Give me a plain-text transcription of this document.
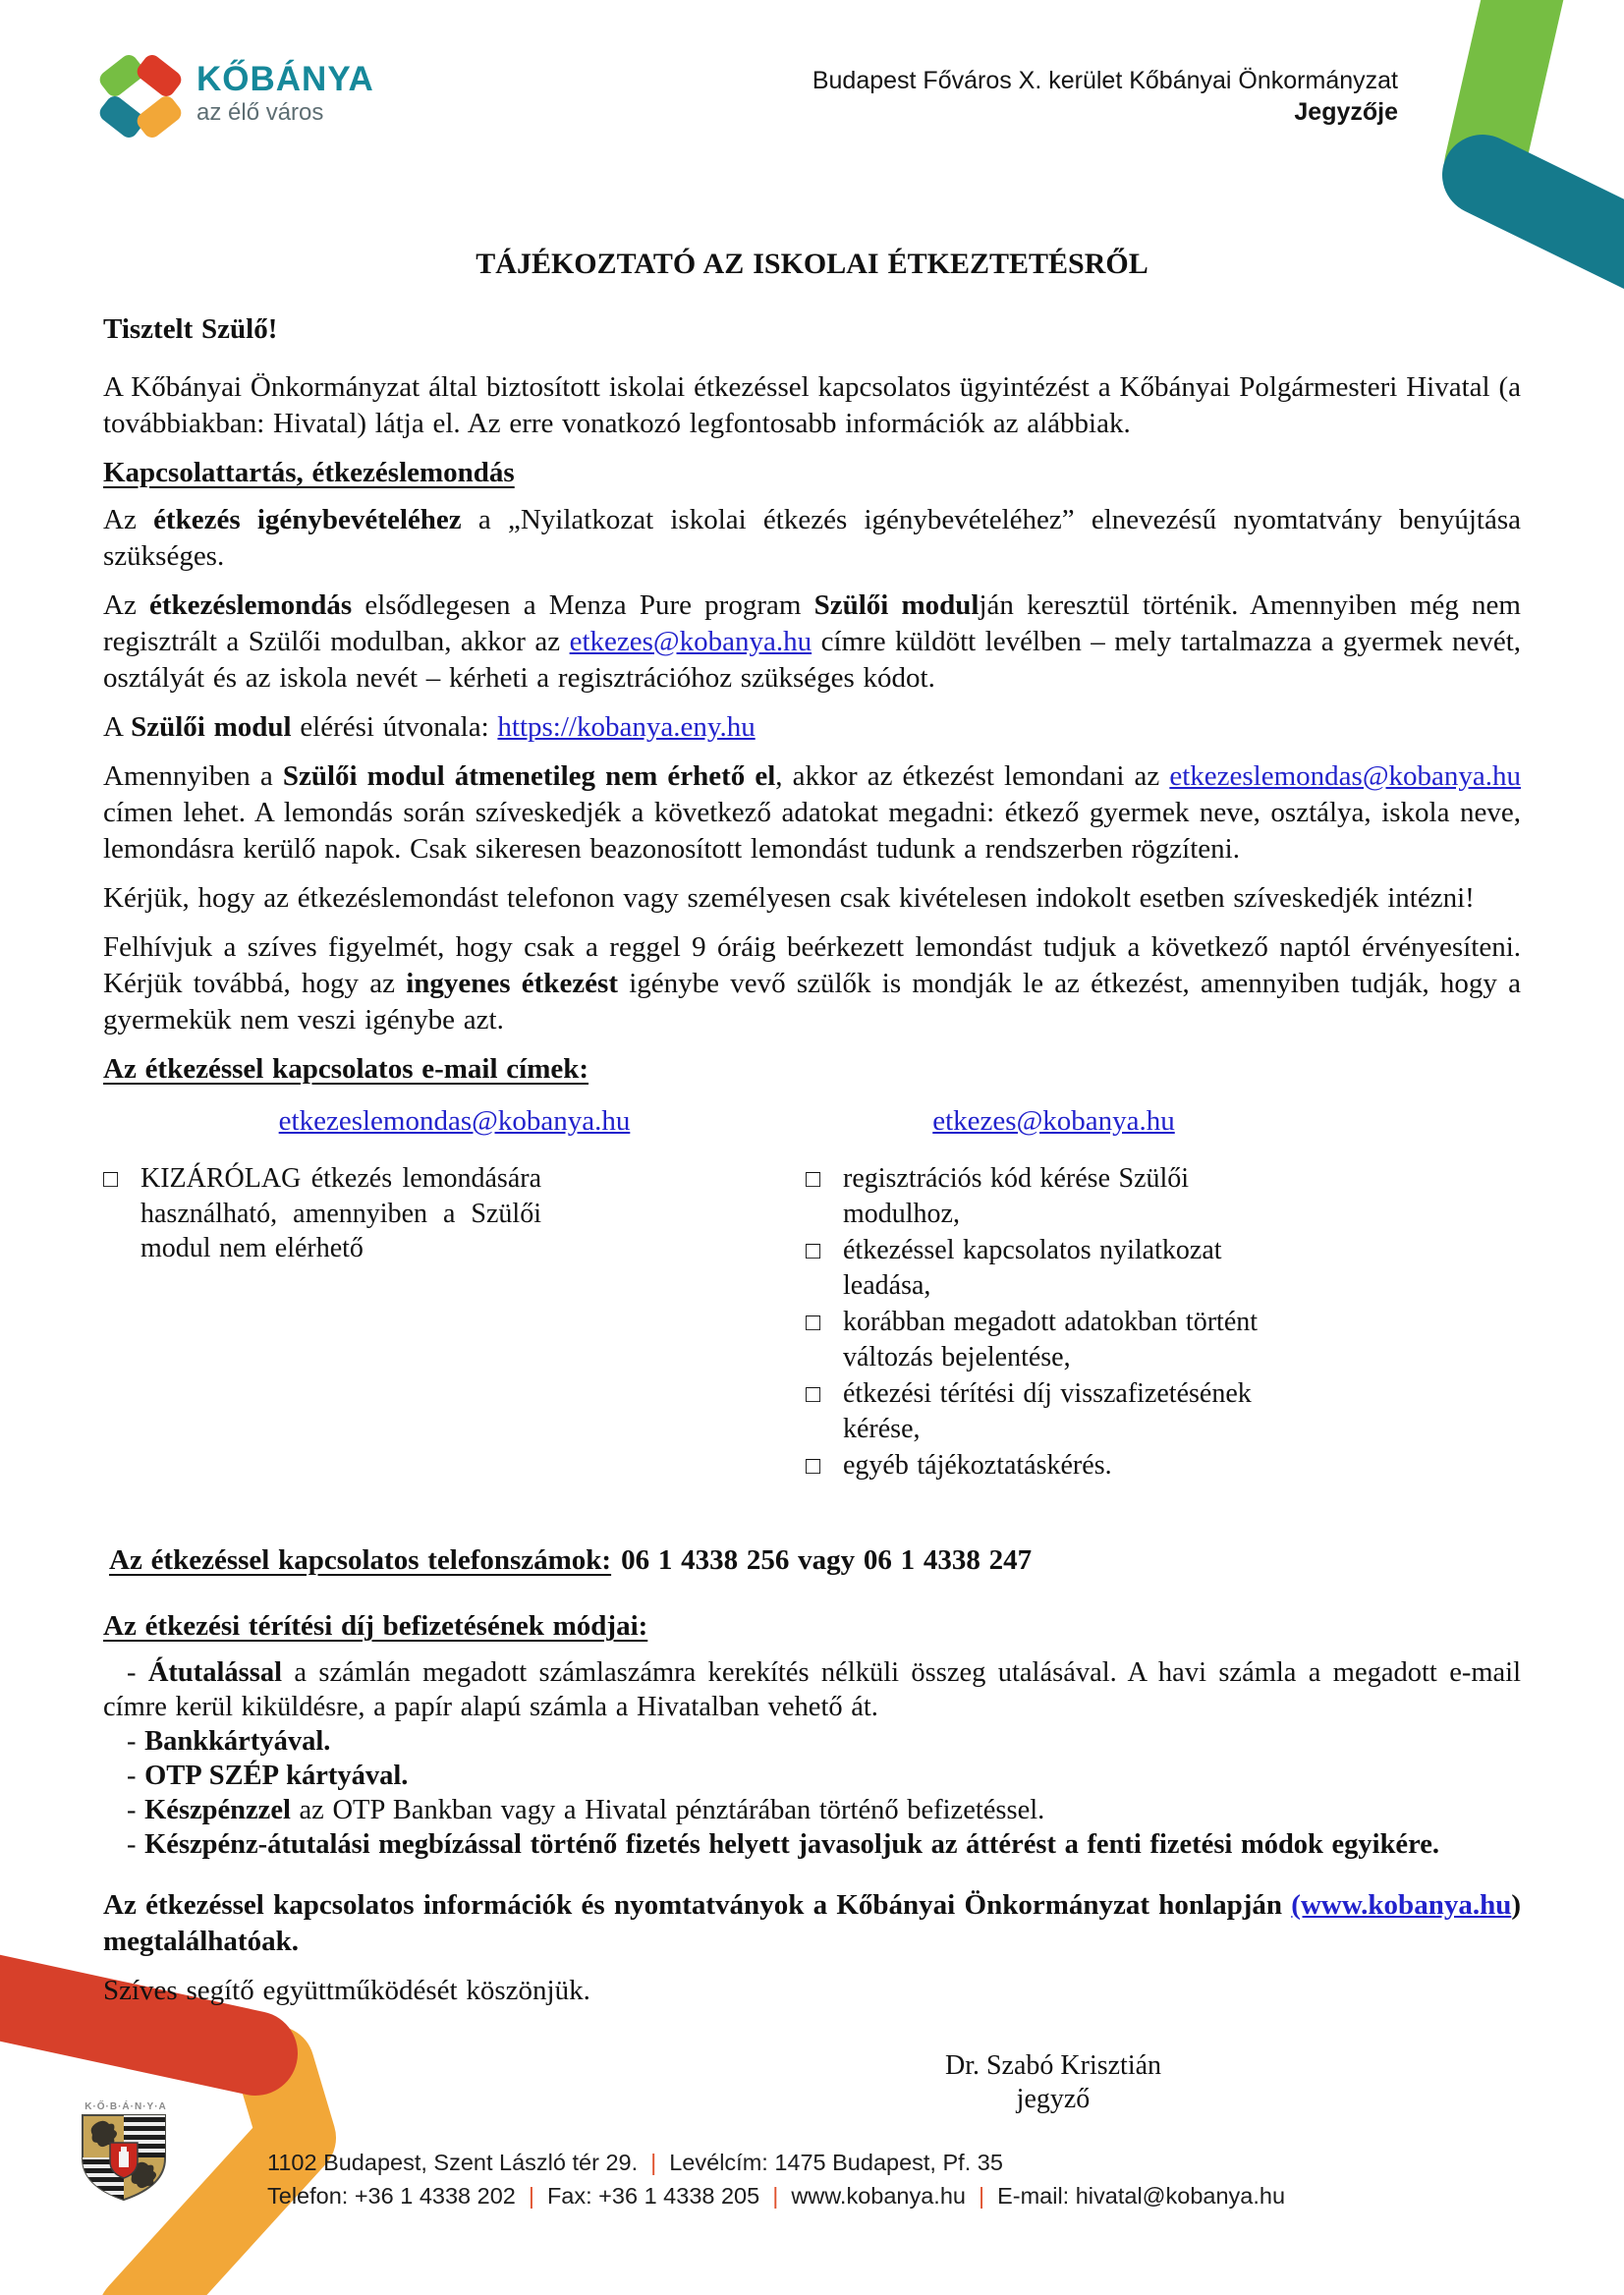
KŐBÁNYA
az élő város
Budapest Főváros X. kerület Kőbányai Önkormányzat
Jegyzője
TÁJÉKOZTATÓ AZ ISKOLAI ÉTKEZTETÉSRŐL
Tisztelt Szülő!

A Kőbányai Önkormányzat által biztosított iskolai étkezéssel kapcsolatos ügyintézést a Kőbányai Polgármesteri Hivatal (a továbbiakban: Hivatal) látja el. Az erre vonatkozó legfontosabb információk az alábbiak.

Kapcsolattartás, étkezéslemondás

Az étkezés igénybevételéhez a „Nyilatkozat iskolai étkezés igénybevételéhez” elnevezésű nyomtatvány benyújtása szükséges.

Az étkezéslemondás elsődlegesen a Menza Pure program Szülői modulján keresztül történik. Amennyiben még nem regisztrált a Szülői modulban, akkor az etkezes@kobanya.hu címre küldött levélben – mely tartalmazza a gyermek nevét, osztályát és az iskola nevét – kérheti a regisztrációhoz szükséges kódot.

A Szülői modul elérési útvonala: https://kobanya.eny.hu

Amennyiben a Szülői modul átmenetileg nem érhető el, akkor az étkezést lemondani az etkezeslemondas@kobanya.hu címen lehet. A lemondás során szíveskedjék a következő adatokat megadni: étkező gyermek neve, osztálya, iskola neve, lemondásra kerülő napok. Csak sikeresen beazonosított lemondást tudunk a rendszerben rögzíteni.

Kérjük, hogy az étkezéslemondást telefonon vagy személyesen csak kivételesen indokolt esetben szíveskedjék intézni!

Felhívjuk a szíves figyelmét, hogy csak a reggel 9 óráig beérkezett lemondást tudjuk a következő naptól érvényesíteni. Kérjük továbbá, hogy az ingyenes étkezést igénybe vevő szülők is mondják le az étkezést, amennyiben tudják, hogy a gyermekük nem veszi igénybe azt.

Az étkezéssel kapcsolatos e-mail címek:
etkezeslemondas@kobanya.hu
□ KIZÁRÓLAG étkezés lemondására használható, amennyiben a Szülői modul nem elérhető
etkezes@kobanya.hu
□ regisztrációs kód kérése Szülői modulhoz,
□ étkezéssel kapcsolatos nyilatkozat leadása,
□ korábban megadott adatokban történt változás bejelentése,
□ étkezési térítési díj visszafizetésének kérése,
□ egyéb tájékoztatáskérés.
Az étkezéssel kapcsolatos telefonszámok: 06 1 4338 256 vagy 06 1 4338 247
Az étkezési térítési díj befizetésének módjai:

- Átutalással a számlán megadott számlaszámra kerekítés nélküli összeg utalásával. A havi számla a megadott e-mail címre kerül kiküldésre, a papír alapú számla a Hivatalban vehető át.

- Bankkártyával.

- OTP SZÉP kártyával.

- Készpénzzel az OTP Bankban vagy a Hivatal pénztárában történő befizetéssel.

- Készpénz-átutalási megbízással történő fizetés helyett javasoljuk az áttérést a fenti fizetési módok egyikére.

Az étkezéssel kapcsolatos információk és nyomtatványok a Kőbányai Önkormányzat honlapján (www.kobanya.hu) megtalálhatóak.

Szíves segítő együttműködését köszönjük.

Dr. Szabó Krisztián
jegyző
K·Ő·B·Á·N·Y·A
1102 Budapest, Szent László tér 29. | Levélcím: 1475 Budapest, Pf. 35
Telefon: +36 1 4338 202 | Fax: +36 1 4338 205 | www.kobanya.hu | E-mail: hivatal@kobanya.hu
